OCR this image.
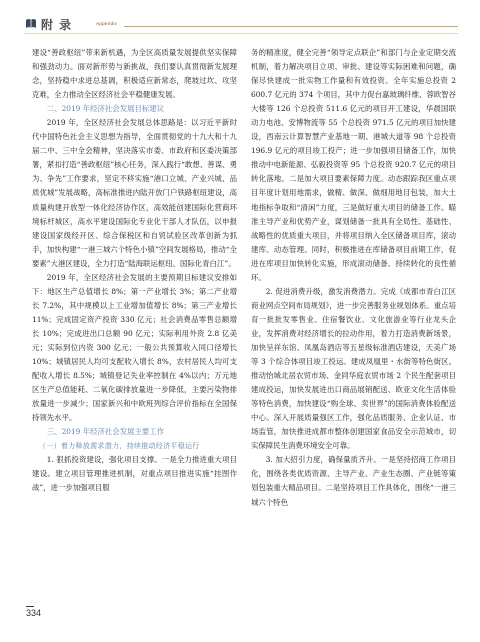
附 录	Appendix

建设“善政枢纽”带来新机遇，为全区高质量发展提供坚实保障和强劲动力。面对新形势与新挑战，我们要认真贯彻新发展理念，坚持稳中求进总基调，积极适应新常态，爬坡过坎、攻坚克难，全力推动全区经济社会平稳健康发展。

二、2019 年经济社会发展目标建议

2019 年，全区经济社会发展总体思路是：以习近平新时代中国特色社会主义思想为指导，全面贯彻党的十九大和十九届二中、三中全会精神，坚决落实市委、市政府和区委决策部署，紧扣打造“善政枢纽”核心任务，深入践行“敢想、善谋、勇为、争先”工作要求，坚定不移实施“港口立城、产业兴城、品质优城”发展战略，高标准推进内陆开放门户铁路枢纽建设，高质量构建开放型一体化经济协作区，高效能创建国际化营商环境标杆城区，高水平建设国际化专业化干部人才队伍，以申报建设国家级经开区、综合保税区和自贸试验区改革创新为抓手，加快构建“一港三城六个特色小镇”空间发展格局，推动“全要素”大港区建设，全力打造“陆海联运枢纽、国际化青白江”。

2019 年，全区经济社会发展的主要预期目标建议安排如下：地区生产总值增长 8%；第一产业增长 3%；第二产业增长 7.2%，其中规模以上工业增加值增长 8%；第三产业增长 11%；完成固定资产投资 330 亿元；社会消费品零售总额增长 10%；完成进出口总额 90 亿元；实际利用外资 2.8 亿美元；实际到位内资 300 亿元；一般公共预算收入同口径增长 10%；城镇居民人均可支配收入增长 8%，农村居民人均可支配收入增长 8.5%；城镇登记失业率控制在 4%以内；万元地区生产总值能耗、二氧化碳排放量进一步降低，主要污染物排放量进一步减少；国家新兴和中欧班列综合评价指标在全国保持领先水平。

三、2019 年经济社会发展主要工作
（一）着力释放需求潜力，持续推动经济平稳运行

1. 狠抓投资建设，强化项目支撑。一是全力推进重大项目建设。建立项目管理推进机制，对重点项目推进实施“挂图作战”，进一步加强项目服

务的精准度，健全完善“领导定点联企”和部门与企业定期交流机制，着力解决项目立项、审批、建设等实际困难和问题，确保尽快建成一批实物工作量和有效投资。全年实施总投资 2 600.7 亿元的 374 个项目，其中力促台嘉玻璃纤维、蓉欧智谷大楼等 126 个总投资 511.6 亿元的项目开工建设，华晨国联动力电池、安博物流等 55 个总投资 971.5 亿元的项目加快建设，西南云计算智慧产业基地一期、港城大道等 98 个总投资 196.9 亿元的项目竣工投产；进一步加强项目储备工作，加快推动中电新能源、弘毅投资等 95 个总投资 920.7 亿元的项目转化落地。二是加大项目要素保障力度。动态跟踪我区重点项目年度计划用地需求，做精、做深、做细用地目包装，加大土地指标争取和“清闲”力度，三是做好重大项目的储备工作。瞄准主导产业和优势产业，谋划储备一批具有全局性、基础性、战略性的优质重大项目，并将项目纳入全区储备项目库，滚动建库、动态管理。同时，积极推进在库储备项目前期工作，促进在库项目加快转化实施，形成滚动储备、持续转化的良性循环。

2. 促进消费升级，激发消费潜力。完成《成都市青白江区商业网点空间布局规划》，进一步完善服务业规划体系。重点培育一批批发零售业、住宿餐饮业、文化旅游业等行业龙头企业，发挥消费对经济增长的拉动作用，着力打造消费新场景，加快呈祥东馆、凤凰岛酒店等五星级标准酒店建设，天美广场等 3 个综合体项目竣工投运。建成凤凰里・水街等特色街区。推动怡城北居农贸市场、金同华庭农贸市场 2 个民生配套项目建成投运，加快发展进出口商品展销配送、欧亚文化生活体验等特色消费，加快建设“购全球、卖世界”的国际消费体验配送中心。深入开展质量强区工作，强化品质服务、企业认证、市场监管，加快推进成都市整体创建国家食品安全示范城市，切实保障民生消费环境安全可靠。

3. 加大招引力度，确保量质齐升。一是坚持招商工作项目化，围绕各类优质资源、主导产业、产业生态圈、产业链等策划包装重大精品项目。二是坚持项目工作具体化，围绕“一港三城六个特色

334
